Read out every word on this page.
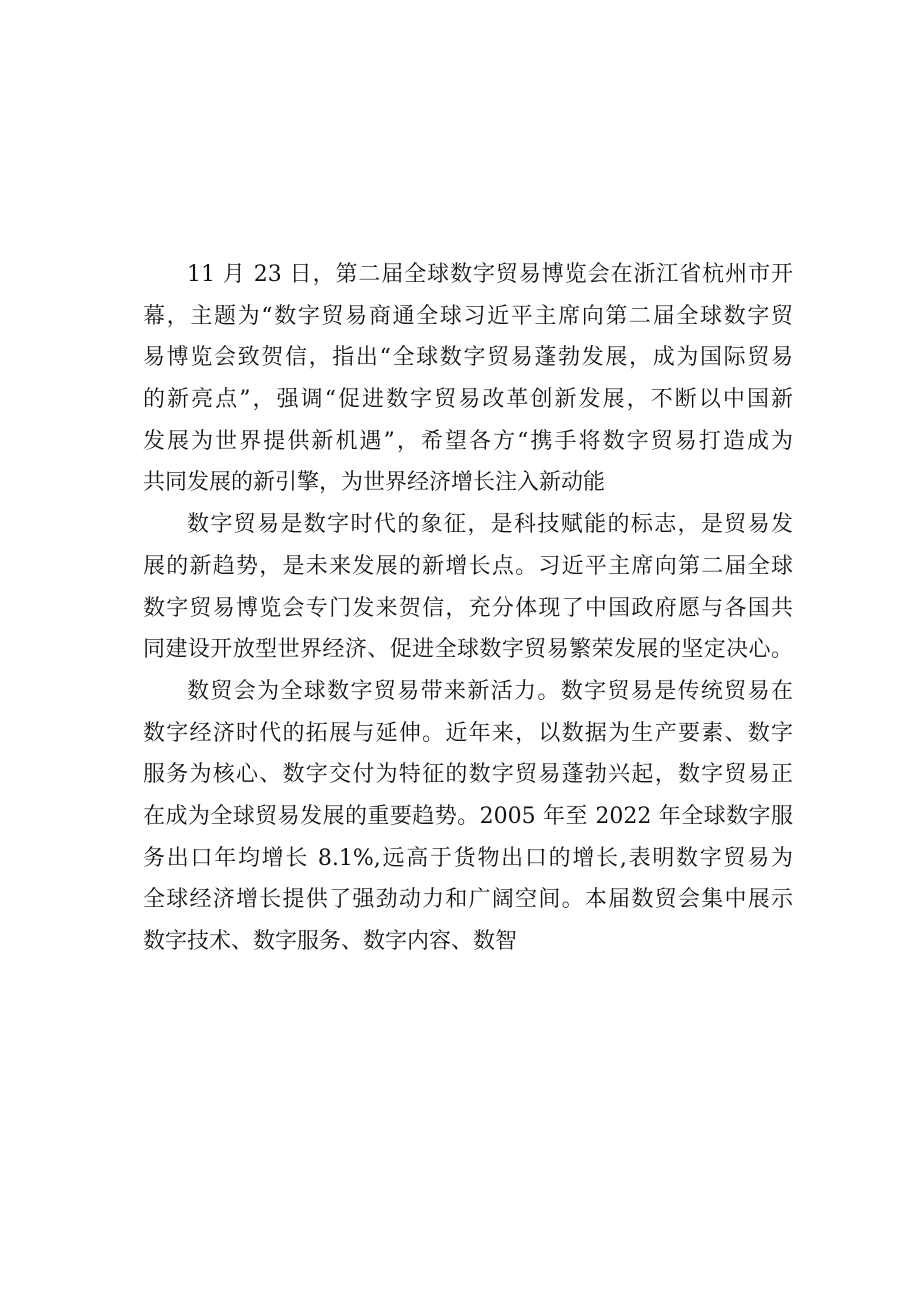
11 月 23 日，第二届全球数字贸易博览会在浙江省杭州市开
幕，主题为“数字贸易商通全球习近平主席向第二届全球数字贸
易博览会致贺信，指出“全球数字贸易蓬勃发展，成为国际贸易
的新亮点”，强调“促进数字贸易改革创新发展，不断以中国新
发展为世界提供新机遇”，希望各方“携手将数字贸易打造成为
共同发展的新引擎，为世界经济增长注入新动能
数字贸易是数字时代的象征，是科技赋能的标志，是贸易发
展的新趋势，是未来发展的新增长点。习近平主席向第二届全球
数字贸易博览会专门发来贺信，充分体现了中国政府愿与各国共
同建设开放型世界经济、促进全球数字贸易繁荣发展的坚定决心。
数贸会为全球数字贸易带来新活力。数字贸易是传统贸易在
数字经济时代的拓展与延伸。近年来，以数据为生产要素、数字
服务为核心、数字交付为特征的数字贸易蓬勃兴起，数字贸易正
在成为全球贸易发展的重要趋势。2005 年至 2022 年全球数字服
务出口年均增长 8.1%,远高于货物出口的增长,表明数字贸易为
全球经济增长提供了强劲动力和广阔空间。本届数贸会集中展示
数字技术、数字服务、数字内容、数智
